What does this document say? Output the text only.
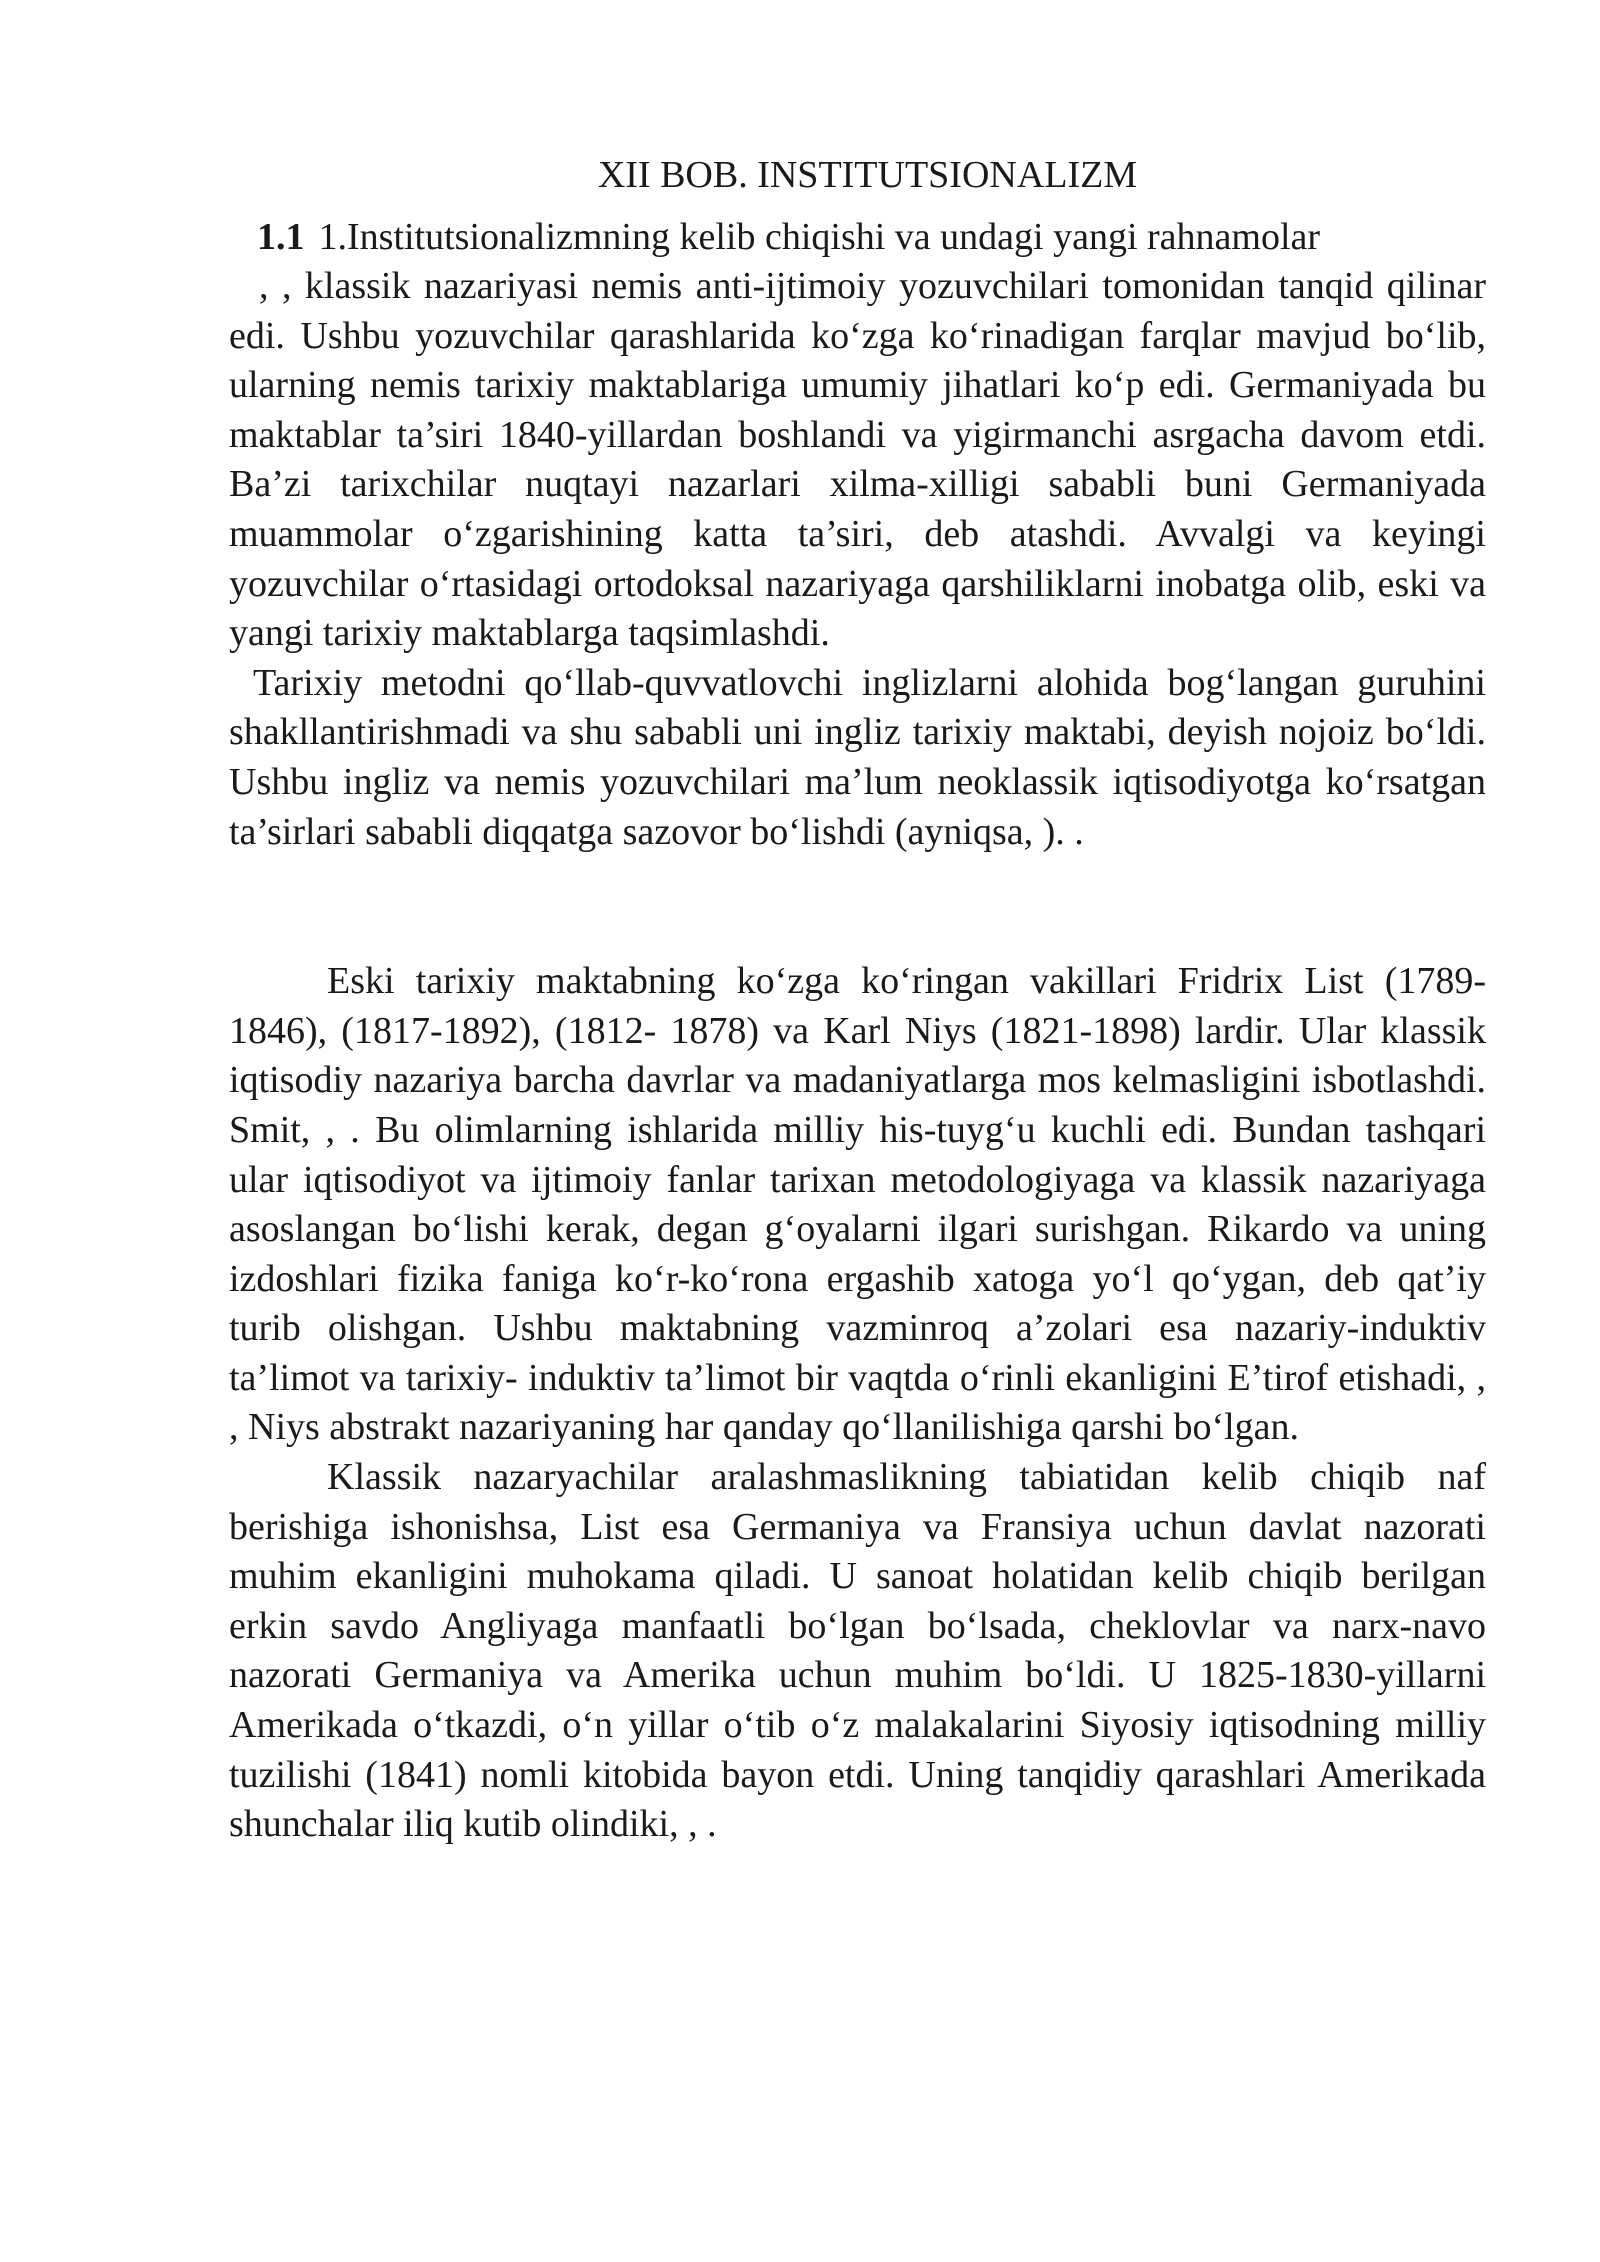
XII BOB. INSTITUTSIONALIZM
1.1 1.Institutsionalizmning kelib chiqishi va undagi yangi rahnamolar

, , klassik nazariyasi nemis anti-ijtimoiy yozuvchilari tomonidan tanqid qilinar edi. Ushbu yozuvchilar qarashlarida ko‘zga ko‘rinadigan farqlar mavjud bo‘lib, ularning nemis tarixiy maktablariga umumiy jihatlari ko‘p edi. Germaniyada bu maktablar ta’siri 1840-yillardan boshlandi va yigirmanchi asrgacha davom etdi. Ba’zi tarixchilar nuqtayi nazarlari xilma-xilligi sababli buni Germaniyada muammolar o‘zgarishining katta ta’siri, deb atashdi. Avvalgi va keyingi yozuvchilar o‘rtasidagi ortodoksal nazariyaga qarshiliklarni inobatga olib, eski va yangi tarixiy maktablarga taqsimlashdi.

Tarixiy metodni qo‘llab-quvvatlovchi inglizlarni alohida bog‘langan guruhini shakllantirishmadi va shu sababli uni ingliz tarixiy maktabi, deyish nojoiz bo‘ldi. Ushbu ingliz va nemis yozuvchilari ma’lum neoklassik iqtisodiyotga ko‘rsatgan ta’sirlari sababli diqqatga sazovor bo‘lishdi (ayniqsa, ). .

Eski tarixiy maktabning ko‘zga ko‘ringan vakillari Fridrix List (1789-1846), (1817-1892), (1812- 1878) va Karl Niys (1821-1898) lardir. Ular klassik iqtisodiy nazariya barcha davrlar va madaniyatlarga mos kelmasligini isbotlashdi. Smit, , . Bu olimlarning ishlarida milliy his-tuyg‘u kuchli edi. Bundan tashqari ular iqtisodiyot va ijtimoiy fanlar tarixan metodologiyaga va klassik nazariyaga asoslangan bo‘lishi kerak, degan g‘oyalarni ilgari surishgan. Rikardo va uning izdoshlari fizika faniga ko‘r-ko‘rona ergashib xatoga yo‘l qo‘ygan, deb qat’iy turib olishgan. Ushbu maktabning vazminroq a’zolari esa nazariy-induktiv ta’limot va tarixiy- induktiv ta’limot bir vaqtda o‘rinli ekanligini E’tirof etishadi, , , Niys abstrakt nazariyaning har qanday qo‘llanilishiga qarshi bo‘lgan.

Klassik nazaryachilar aralashmaslikning tabiatidan kelib chiqib naf berishiga ishonishsa, List esa Germaniya va Fransiya uchun davlat nazorati muhim ekanligini muhokama qiladi. U sanoat holatidan kelib chiqib berilgan erkin savdo Angliyaga manfaatli bo‘lgan bo‘lsada, cheklovlar va narx-navo nazorati Germaniya va Amerika uchun muhim bo‘ldi. U 1825-1830-yillarni Amerikada o‘tkazdi, o‘n yillar o‘tib o‘z malakalarini Siyosiy iqtisodning milliy tuzilishi (1841) nomli kitobida bayon etdi. Uning tanqidiy qarashlari Amerikada shunchalar iliq kutib olindiki, , .
